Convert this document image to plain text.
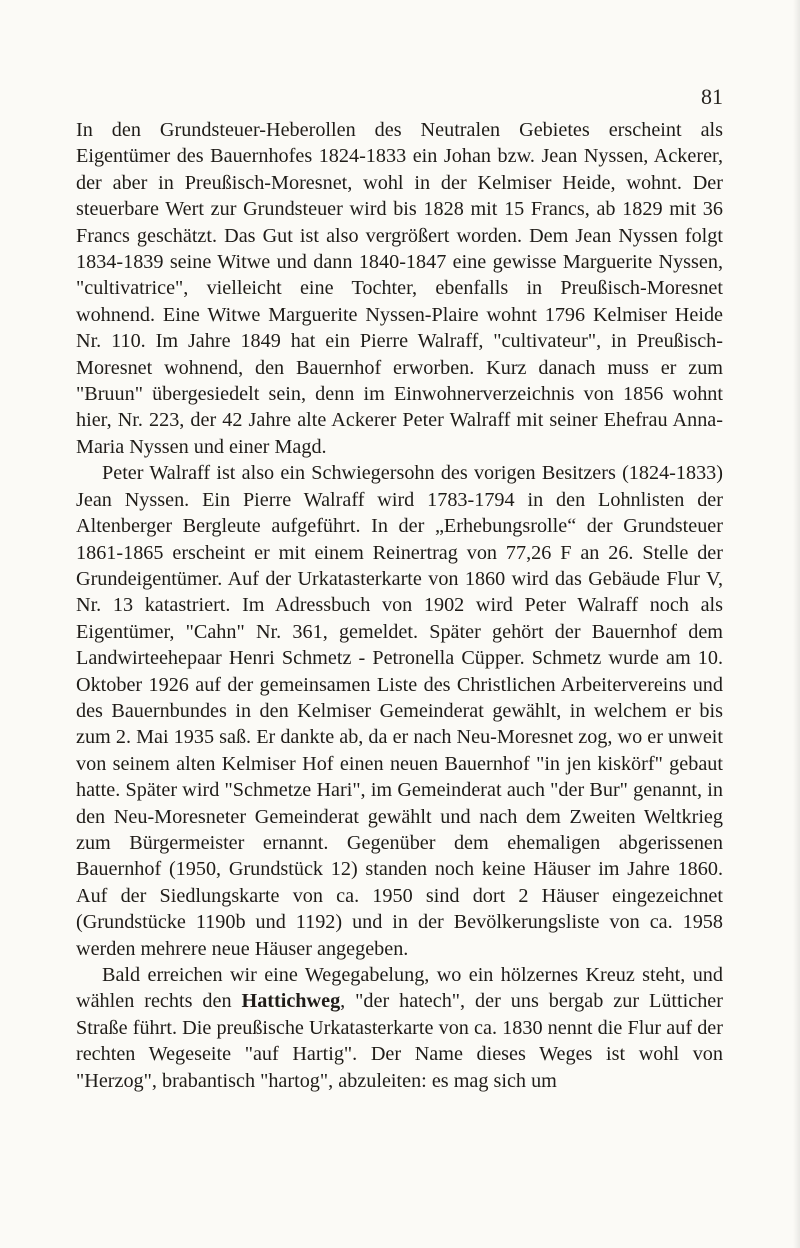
81

In den Grundsteuer-Heberollen des Neutralen Gebietes erscheint als Eigentümer des Bauernhofes 1824-1833 ein Johan bzw. Jean Nyssen, Ackerer, der aber in Preußisch-Moresnet, wohl in der Kelmiser Heide, wohnt. Der steuerbare Wert zur Grundsteuer wird bis 1828 mit 15 Francs, ab 1829 mit 36 Francs geschätzt. Das Gut ist also vergrößert worden. Dem Jean Nyssen folgt 1834-1839 seine Witwe und dann 1840-1847 eine gewisse Marguerite Nyssen, "cultivatrice", vielleicht eine Tochter, ebenfalls in Preußisch-Moresnet wohnend. Eine Witwe Marguerite Nyssen-Plaire wohnt 1796 Kelmiser Heide Nr. 110. Im Jahre 1849 hat ein Pierre Walraff, "cultivateur", in Preußisch-Moresnet wohnend, den Bauernhof erworben. Kurz danach muss er zum "Bruun" übergesiedelt sein, denn im Einwohnerverzeichnis von 1856 wohnt hier, Nr. 223, der 42 Jahre alte Ackerer Peter Walraff mit seiner Ehefrau Anna-Maria Nyssen und einer Magd.

Peter Walraff ist also ein Schwiegersohn des vorigen Besitzers (1824-1833) Jean Nyssen. Ein Pierre Walraff wird 1783-1794 in den Lohnlisten der Altenberger Bergleute aufgeführt. In der „Erhebungsrolle“ der Grundsteuer 1861-1865 erscheint er mit einem Reinertrag von 77,26 F an 26. Stelle der Grundeigentümer. Auf der Urkatasterkarte von 1860 wird das Gebäude Flur V, Nr. 13 katastriert. Im Adressbuch von 1902 wird Peter Walraff noch als Eigentümer, "Cahn" Nr. 361, gemeldet. Später gehört der Bauernhof dem Landwirteehepaar Henri Schmetz - Petronella Cüpper. Schmetz wurde am 10. Oktober 1926 auf der gemeinsamen Liste des Christlichen Arbeitervereins und des Bauernbundes in den Kelmiser Gemeinderat gewählt, in welchem er bis zum 2. Mai 1935 saß. Er dankte ab, da er nach Neu-Moresnet zog, wo er unweit von seinem alten Kelmiser Hof einen neuen Bauernhof "in jen kiskörf" gebaut hatte. Später wird "Schmetze Hari", im Gemeinderat auch "der Bur" genannt, in den Neu-Moresneter Gemeinderat gewählt und nach dem Zweiten Weltkrieg zum Bürgermeister ernannt. Gegenüber dem ehemaligen abgerissenen Bauernhof (1950, Grundstück 12) standen noch keine Häuser im Jahre 1860. Auf der Siedlungskarte von ca. 1950 sind dort 2 Häuser eingezeichnet (Grundstücke 1190b und 1192) und in der Bevölkerungsliste von ca. 1958 werden mehrere neue Häuser angegeben.

Bald erreichen wir eine Wegegabelung, wo ein hölzernes Kreuz steht, und wählen rechts den Hattichweg, "der hatech", der uns bergab zur Lütticher Straße führt. Die preußische Urkatasterkarte von ca. 1830 nennt die Flur auf der rechten Wegeseite "auf Hartig". Der Name dieses Weges ist wohl von "Herzog", brabantisch "hartog", abzuleiten: es mag sich um
